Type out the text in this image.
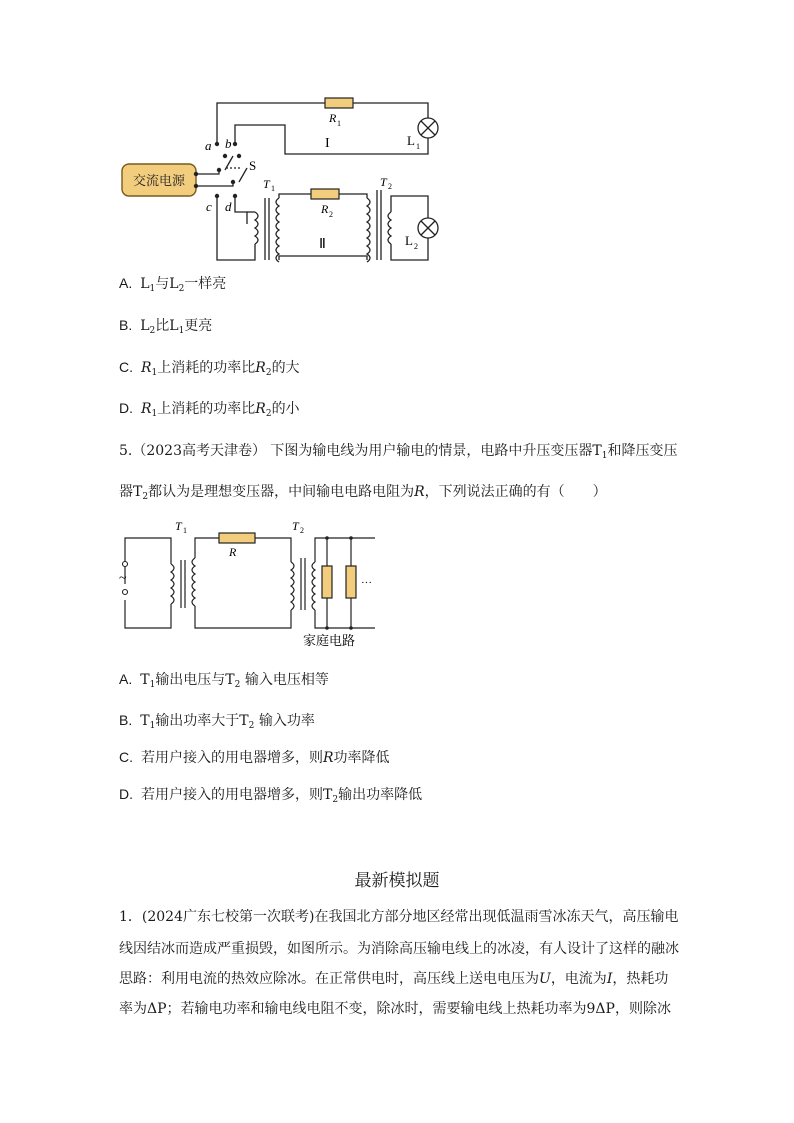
交流电源
a b
S
c d
R 1
R 2
L 1
L 2
T 1	T 2
I
Ⅱ
A. $L_1$与$L_2$一样亮
B. $L_2$比$L_1$更亮
C. $R_1$上消耗的功率比$R_2$的大
D. $R_1$上消耗的功率比$R_2$的小
5.（2023高考天津卷） 下图为输电线为用户输电的情景，电路中升压变压器$T_1$和降压变压
器$T_2$都认为是理想变压器，中间输电电路电阻为R，下列说法正确的有（　　）
~
T 1	T 2
R
···
家庭电路
A. $T_1$输出电压与$T_2$ 输入电压相等
B. $T_1$输出功率大于$T_2$ 输入功率
C. 若用户接入的用电器增多，则R功率降低
D. 若用户接入的用电器增多，则$T_2$输出功率降低
最新模拟题
1．(2024广东七校第一次联考)在我国北方部分地区经常出现低温雨雪冰冻天气，高压输电
线因结冰而造成严重损毁，如图所示。为消除高压输电线上的冰凌，有人设计了这样的融冰
思路：利用电流的热效应除冰。在正常供电时，高压线上送电电压为U，电流为I，热耗功
率为ΔP；若输电功率和输电线电阻不变，除冰时，需要输电线上热耗功率为9ΔP，则除冰
